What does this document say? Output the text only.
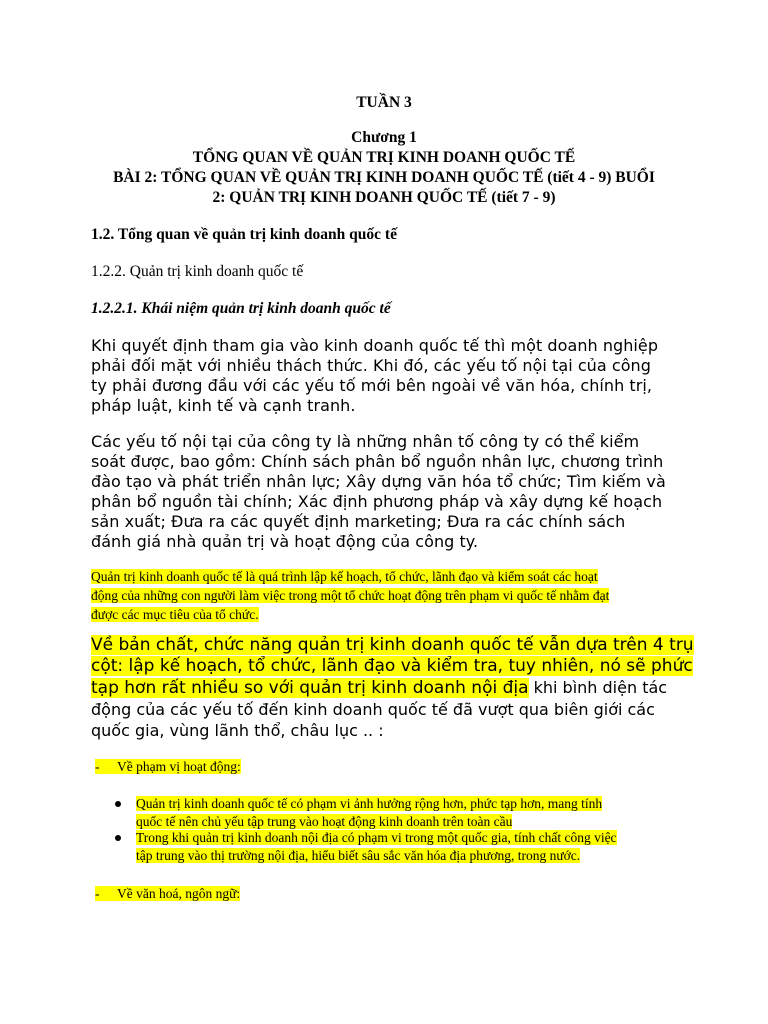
TUẦN 3
Chương 1
TỔNG QUAN VỀ QUẢN TRỊ KINH DOANH QUỐC TẾ
BÀI 2: TỔNG QUAN VỀ QUẢN TRỊ KINH DOANH QUỐC TẾ (tiết 4 - 9) BUỔI
2: QUẢN TRỊ KINH DOANH QUỐC TẾ (tiết 7 - 9)
1.2. Tổng quan về quản trị kinh doanh quốc tế
1.2.2. Quản trị kinh doanh quốc tế
1.2.2.1. Khái niệm quản trị kinh doanh quốc tế
Khi quyết định tham gia vào kinh doanh quốc tế thì một doanh nghiệp
phải đối mặt với nhiều thách thức. Khi đó, các yếu tố nội tại của công
ty phải đương đầu với các yếu tố mới bên ngoài về văn hóa, chính trị,
pháp luật, kinh tế và cạnh tranh.
Các yếu tố nội tại của công ty là những nhân tố công ty có thể kiểm
soát được, bao gồm: Chính sách phân bổ nguồn nhân lực, chương trình
đào tạo và phát triển nhân lực; Xây dựng văn hóa tổ chức; Tìm kiếm và
phân bổ nguồn tài chính; Xác định phương pháp và xây dựng kế hoạch
sản xuất; Đưa ra các quyết định marketing; Đưa ra các chính sách
đánh giá nhà quản trị và hoạt động của công ty.
Quản trị kinh doanh quốc tế là quá trình lập kế hoạch, tổ chức, lãnh đạo và kiểm soát các hoạt
động của những con người làm việc trong một tổ chức hoạt động trên phạm vi quốc tế nhằm đạt
được các mục tiêu của tổ chức.
Về bản chất, chức năng quản trị kinh doanh quốc tế vẫn dựa trên 4 trụ
cột: lập kế hoạch, tổ chức, lãnh đạo và kiểm tra, tuy nhiên, nó sẽ phức
tạp hơn rất nhiều so với quản trị kinh doanh nội địa khi bình diện tác
động của các yếu tố đến kinh doanh quốc tế đã vượt qua biên giới các
quốc gia, vùng lãnh thổ, châu lục .. :
- Về phạm vị hoạt động:
Quản trị kinh doanh quốc tế có phạm vi ảnh hưởng rộng hơn, phức tạp hơn, mang tính
quốc tế nên chủ yếu tập trung vào hoạt động kinh doanh trên toàn cầu
Trong khi quản trị kinh doanh nội địa có phạm vi trong một quốc gia, tính chất công việc
tập trung vào thị trường nội địa, hiểu biết sâu sắc văn hóa địa phương, trong nước.
- Về văn hoá, ngôn ngữ:
